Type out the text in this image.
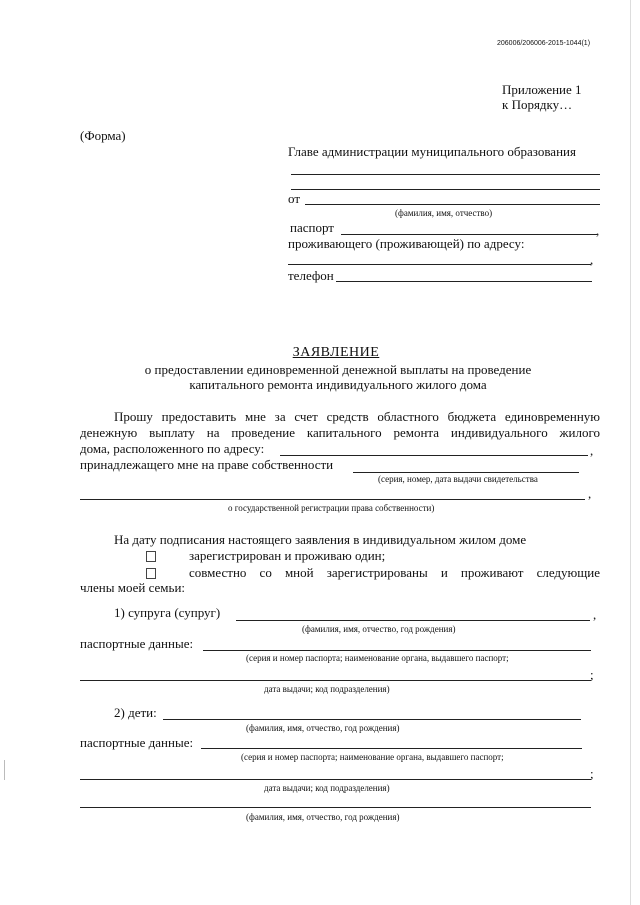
206006/206006-2015-1044(1)
Приложение 1
к Порядку…
(Форма)
Главе администрации муниципального образования
от
(фамилия, имя, отчество)
паспорт	,
проживающего (проживающей) по адресу:
,
телефон
ЗАЯВЛЕНИЕ
о предоставлении единовременной денежной выплаты на проведение
капитального ремонта индивидуального жилого дома
Прошу предоставить мне за счет средств областного бюджета единовременную
денежную выплату на проведение капитального ремонта индивидуального жилого
дома, расположенного по адресу:	,
принадлежащего мне на праве собственности
(серия, номер, дата выдачи свидетельства
,
о государственной регистрации права собственности)
На дату подписания настоящего заявления в индивидуальном жилом доме
зарегистрирован и проживаю один;
совместно со мной зарегистрированы и проживают следующие
члены моей семьи:
1) супруга (супруг)	,
(фамилия, имя, отчество, год рождения)
паспортные данные:
(серия и номер паспорта; наименование органа, выдавшего паспорт;
;
дата выдачи; код подразделения)
2) дети:
(фамилия, имя, отчество, год рождения)
паспортные данные:
(серия и номер паспорта; наименование органа, выдавшего паспорт;
;
дата выдачи; код подразделения)
(фамилия, имя, отчество, год рождения)
